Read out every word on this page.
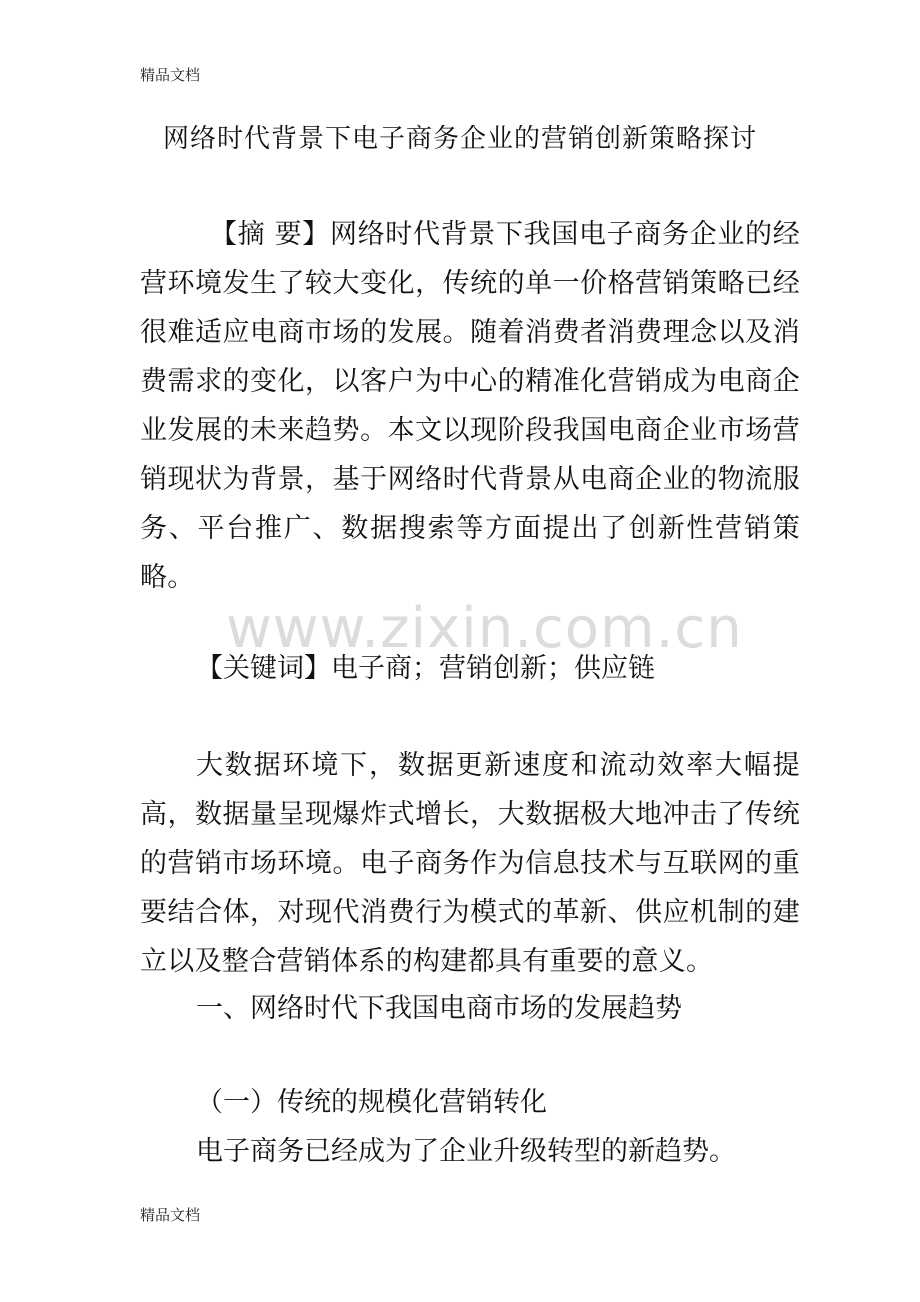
精品文档
网络时代背景下电子商务企业的营销创新策略探讨

【摘 要】网络时代背景下我国电子商务企业的经营环境发生了较大变化，传统的单一价格营销策略已经很难适应电商市场的发展。随着消费者消费理念以及消费需求的变化，以客户为中心的精准化营销成为电商企业发展的未来趋势。本文以现阶段我国电商企业市场营销现状为背景，基于网络时代背景从电商企业的物流服务、平台推广、数据搜索等方面提出了创新性营销策略。

www.zixin.com.cn
【关键词】电子商；营销创新；供应链

大数据环境下，数据更新速度和流动效率大幅提高，数据量呈现爆炸式增长，大数据极大地冲击了传统的营销市场环境。电子商务作为信息技术与互联网的重要结合体，对现代消费行为模式的革新、供应机制的建立以及整合营销体系的构建都具有重要的意义。

一、网络时代下我国电商市场的发展趋势
（一）传统的规模化营销转化
电子商务已经成为了企业升级转型的新趋势。
精品文档
